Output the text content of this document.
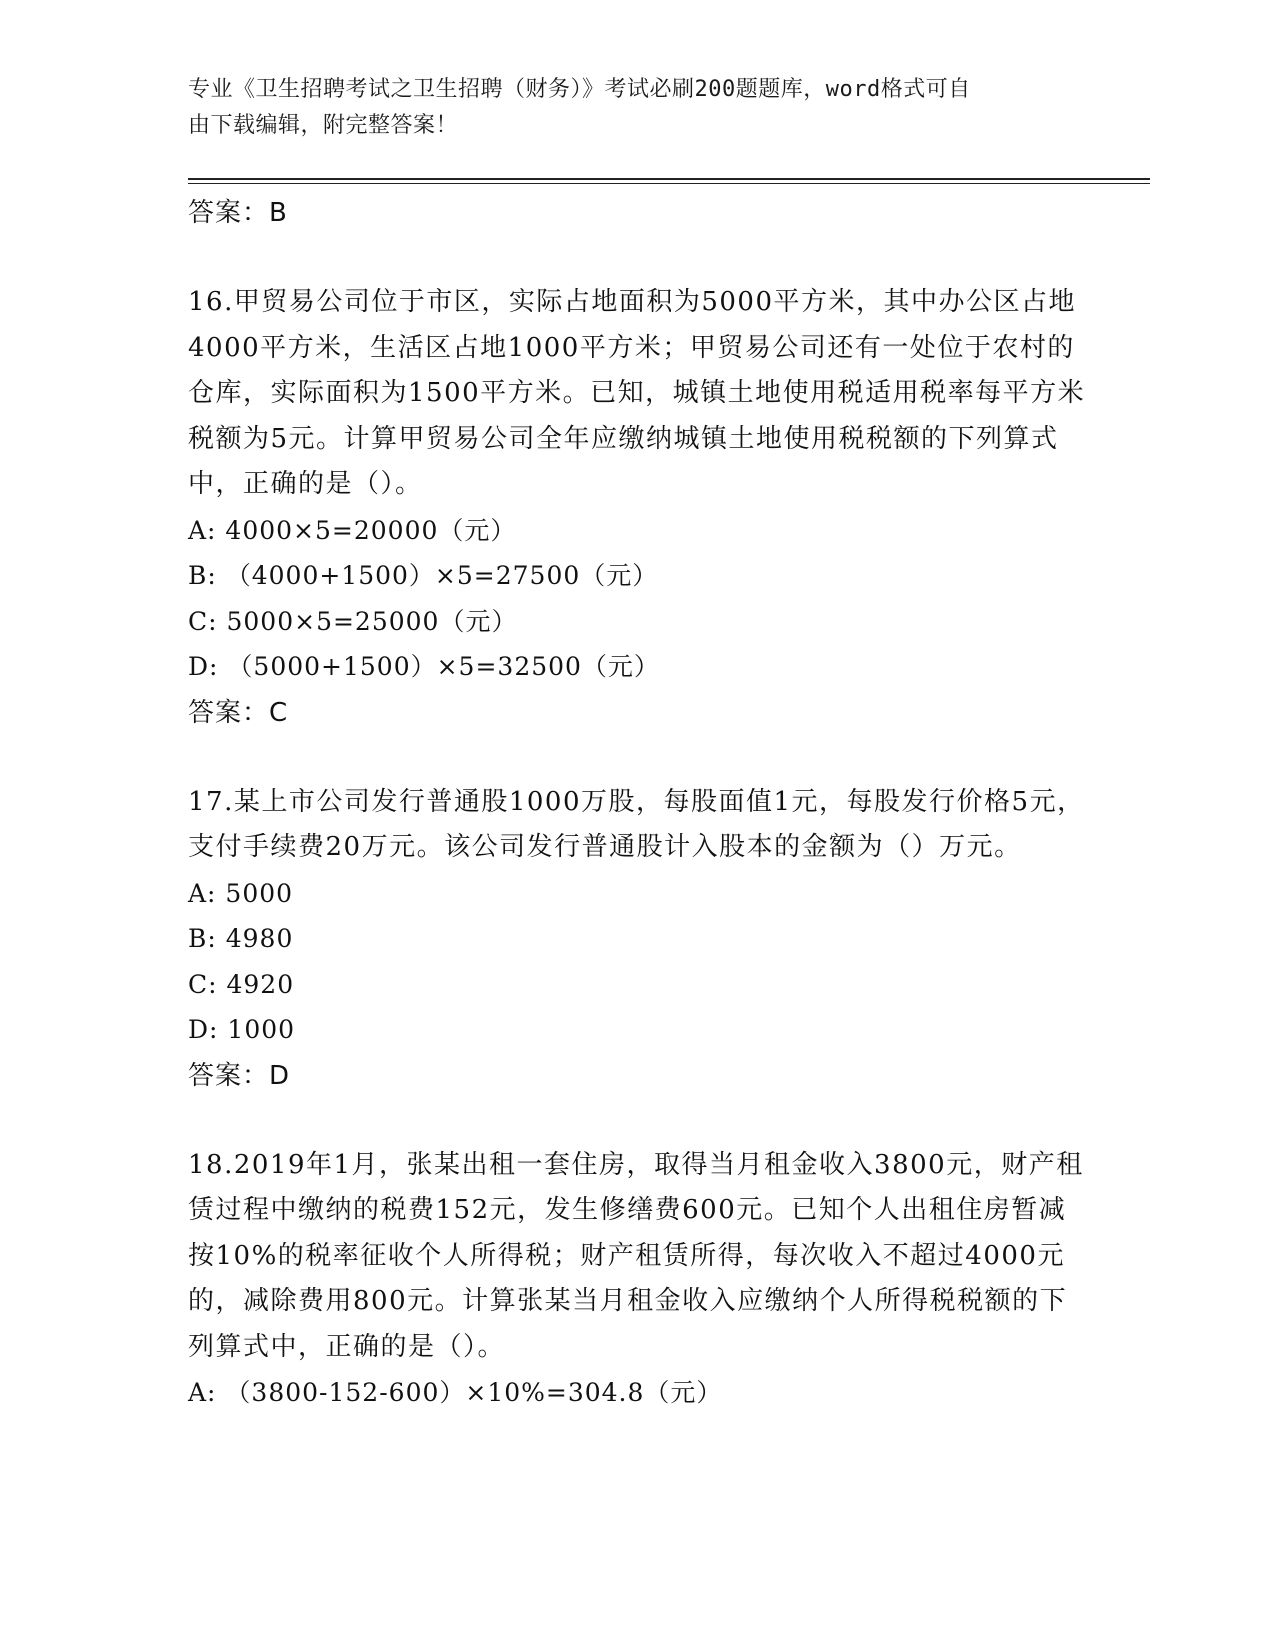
专业《卫生招聘考试之卫生招聘（财务）》考试必刷200题题库，word格式可自
由下载编辑，附完整答案！
答案：B

16.甲贸易公司位于市区，实际占地面积为5000平方米，其中办公区占地4000平方米，生活区占地1000平方米；甲贸易公司还有一处位于农村的仓库，实际面积为1500平方米。已知，城镇土地使用税适用税率每平方米税额为5元。计算甲贸易公司全年应缴纳城镇土地使用税税额的下列算式中，正确的是（）。

A: 4000×5=20000（元）
B: （4000+1500）×5=27500（元）
C: 5000×5=25000（元）
D: （5000+1500）×5=32500（元）
答案：C

17.某上市公司发行普通股1000万股，每股面值1元，每股发行价格5元，支付手续费20万元。该公司发行普通股计入股本的金额为（）万元。

A: 5000
B: 4980
C: 4920
D: 1000
答案：D

18.2019年1月，张某出租一套住房，取得当月租金收入3800元，财产租赁过程中缴纳的税费152元，发生修缮费600元。已知个人出租住房暂减按10%的税率征收个人所得税；财产租赁所得，每次收入不超过4000元的，减除费用800元。计算张某当月租金收入应缴纳个人所得税税额的下列算式中，正确的是（）。

A: （3800-152-600）×10%=304.8（元）
